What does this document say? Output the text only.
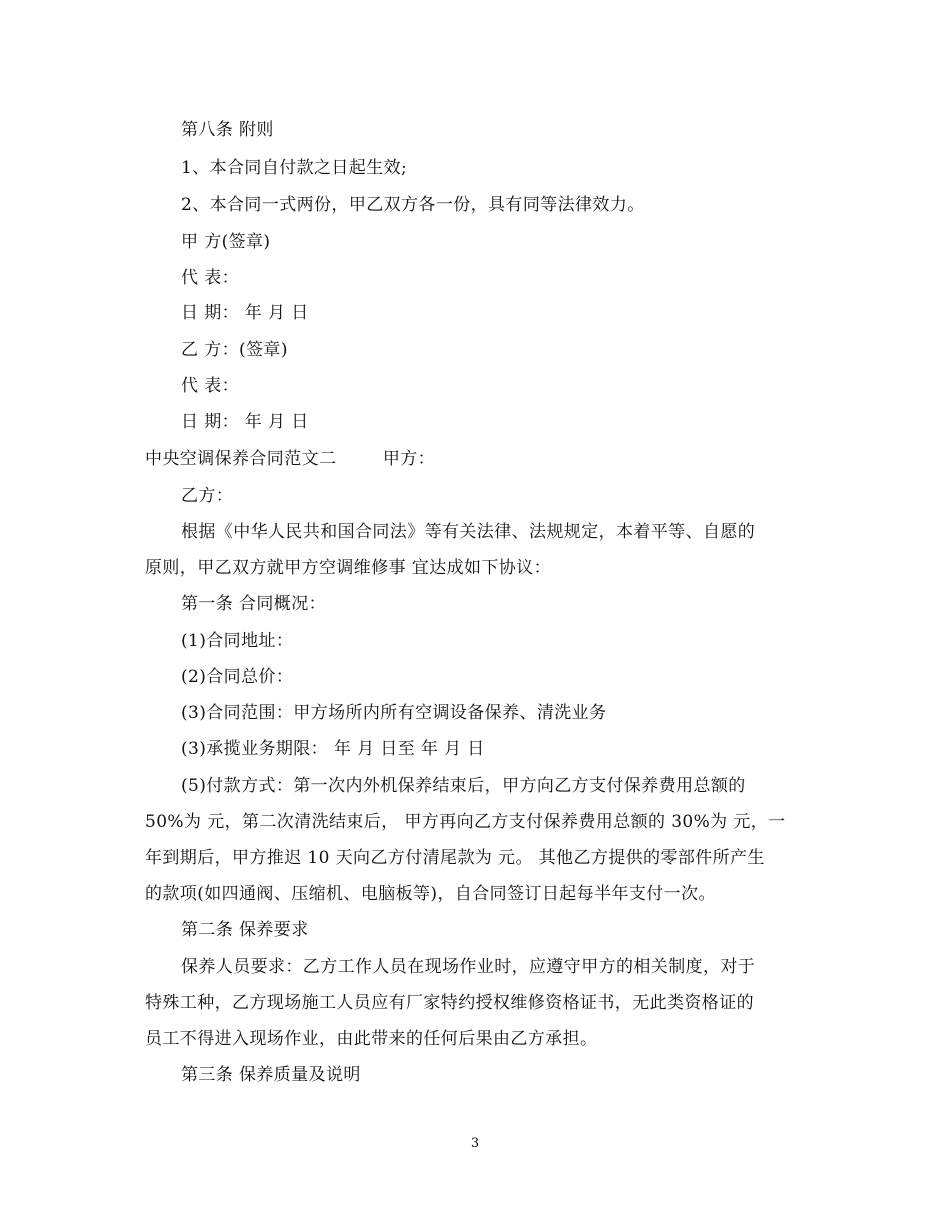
第八条 附则
1、本合同自付款之日起生效;
2、本合同一式两份，甲乙双方各一份，具有同等法律效力。
甲 方(签章)
代 表：
日 期： 年 月 日
乙 方：(签章)
代 表：
日 期： 年 月 日
中央空调保养合同范文二        甲方：
乙方：
根据《中华人民共和国合同法》等有关法律、法规规定，本着平等、自愿的
原则，甲乙双方就甲方空调维修事 宜达成如下协议：
第一条 合同概况：
(1)合同地址：
(2)合同总价：
(3)合同范围：甲方场所内所有空调设备保养、清洗业务
(3)承揽业务期限： 年 月 日至 年 月 日
(5)付款方式：第一次内外机保养结束后，甲方向乙方支付保养费用总额的
50%为 元，第二次清洗结束后， 甲方再向乙方支付保养费用总额的 30%为 元，一
年到期后，甲方推迟 10 天向乙方付清尾款为 元。 其他乙方提供的零部件所产生
的款项(如四通阀、压缩机、电脑板等)，自合同签订日起每半年支付一次。
第二条 保养要求
保养人员要求：乙方工作人员在现场作业时，应遵守甲方的相关制度，对于
特殊工种，乙方现场施工人员应有厂家特约授权维修资格证书，无此类资格证的
员工不得进入现场作业，由此带来的任何后果由乙方承担。
第三条 保养质量及说明
3
